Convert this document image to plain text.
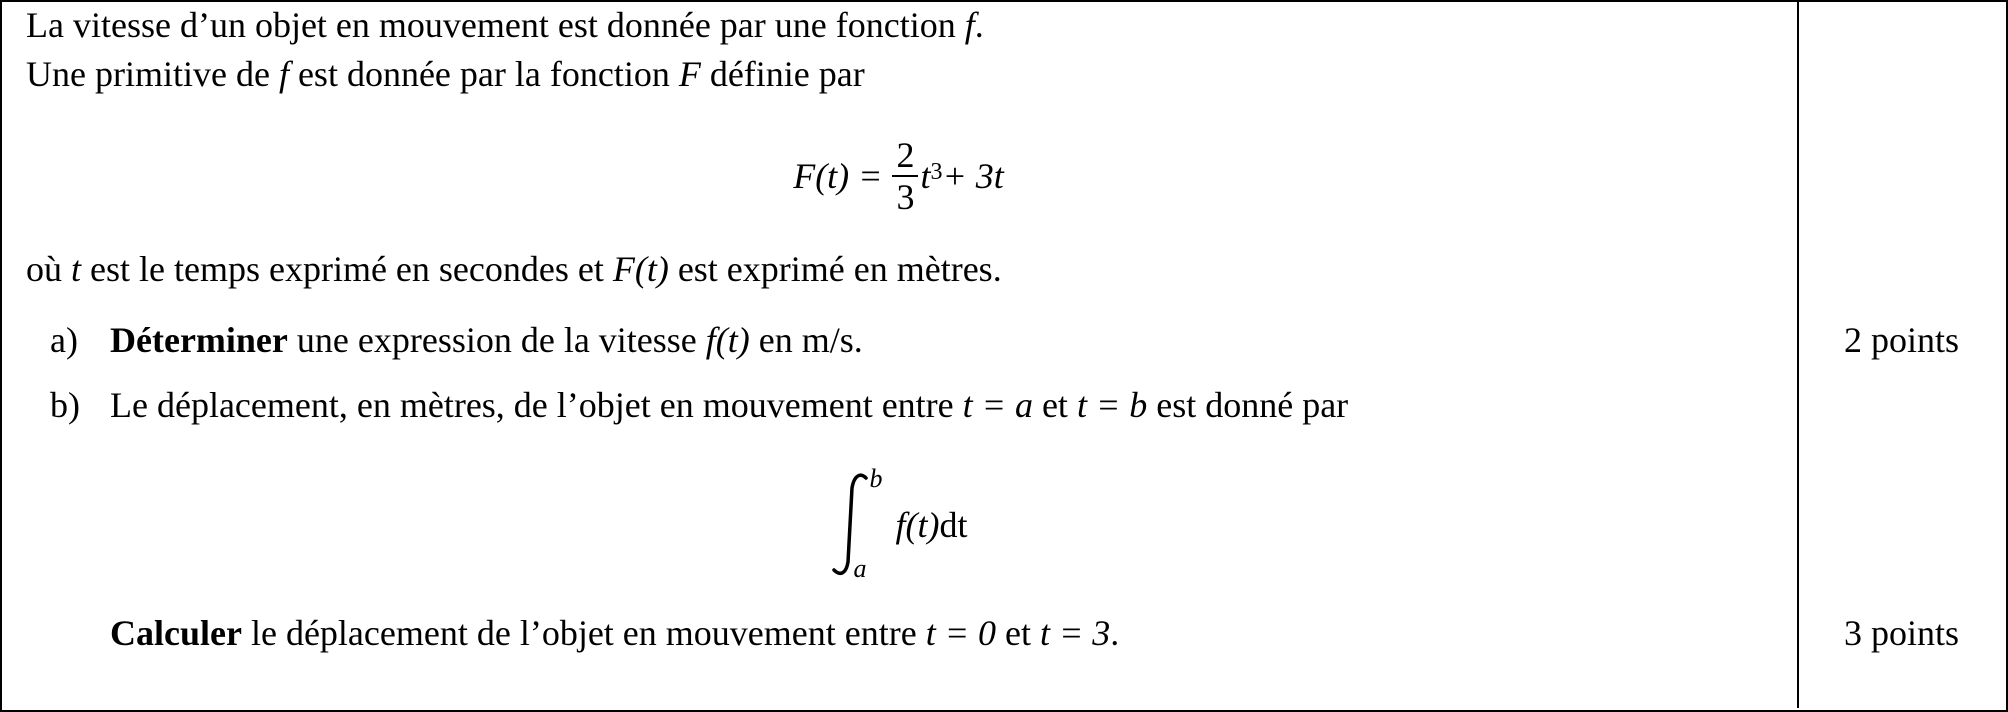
La vitesse d’un objet en mouvement est donnée par une fonction f.
Une primitive de f est donnée par la fonction F définie par
$F(t) = \frac{2}{3} t^3 + 3t$
où t est le temps exprimé en secondes et F(t) est exprimé en mètres.
a) Déterminer une expression de la vitesse f(t) en m/s.	2 points
b) Le déplacement, en mètres, de l’objet en mouvement entre t = a et t = b est donné par
b
a
f(t) dt
Calculer le déplacement de l’objet en mouvement entre t = 0 et t = 3.	3 points
